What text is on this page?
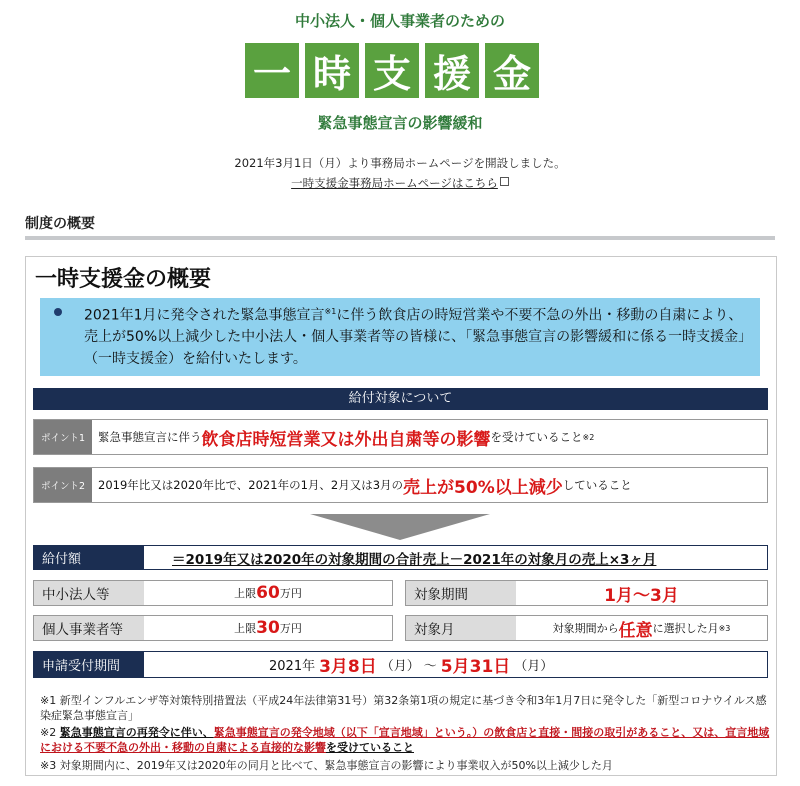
中小法人・個人事業者のための
一 時 支 援 金
緊急事態宣言の影響緩和
2021年3月1日（月）より事務局ホームページを開設しました。
一時支援金事務局ホームページはこちら
制度の概要
一時支援金の概要
2021年1月に発令された緊急事態宣言$^{※1}$に伴う飲食店の時短営業や不要不急の外出・移動の自粛により、売上が50%以上減少した中小法人・個人事業者等の皆様に、「緊急事態宣言の影響緩和に係る一時支援金」（一時支援金）を給付いたします。
給付対象について
ポイント1	緊急事態宣言に伴う 飲食店時短営業又は外出自粛等の影響 を受けていること ※2
ポイント2	2019年比又は2020年比で、2021年の1月、2月又は3月の 売上が50%以上減少 していること
給付額	＝2019年又は2020年の対象期間の合計売上－2021年の対象月の売上×3ヶ月
中小法人等	上限 60 万円
個人事業者等	上限 30 万円
対象期間	1月～3月
対象月	対象期間から 任意 に選択した月 ※3
申請受付期間	2021年 3月8日 （月） ～ 5月31日 （月）
※1 新型インフルエンザ等対策特別措置法（平成24年法律第31号）第32条第1項の規定に基づき令和3年1月7日に発令した「新型コロナウイルス感染症緊急事態宣言」
※2 緊急事態宣言の再発令に伴い、緊急事態宣言の発令地域（以下「宣言地域」という。）の飲食店と直接・間接の取引があること、又は、宣言地域における不要不急の外出・移動の自粛による直接的な影響を受けていること
※3 対象期間内に、2019年又は2020年の同月と比べて、緊急事態宣言の影響により事業収入が50%以上減少した月
